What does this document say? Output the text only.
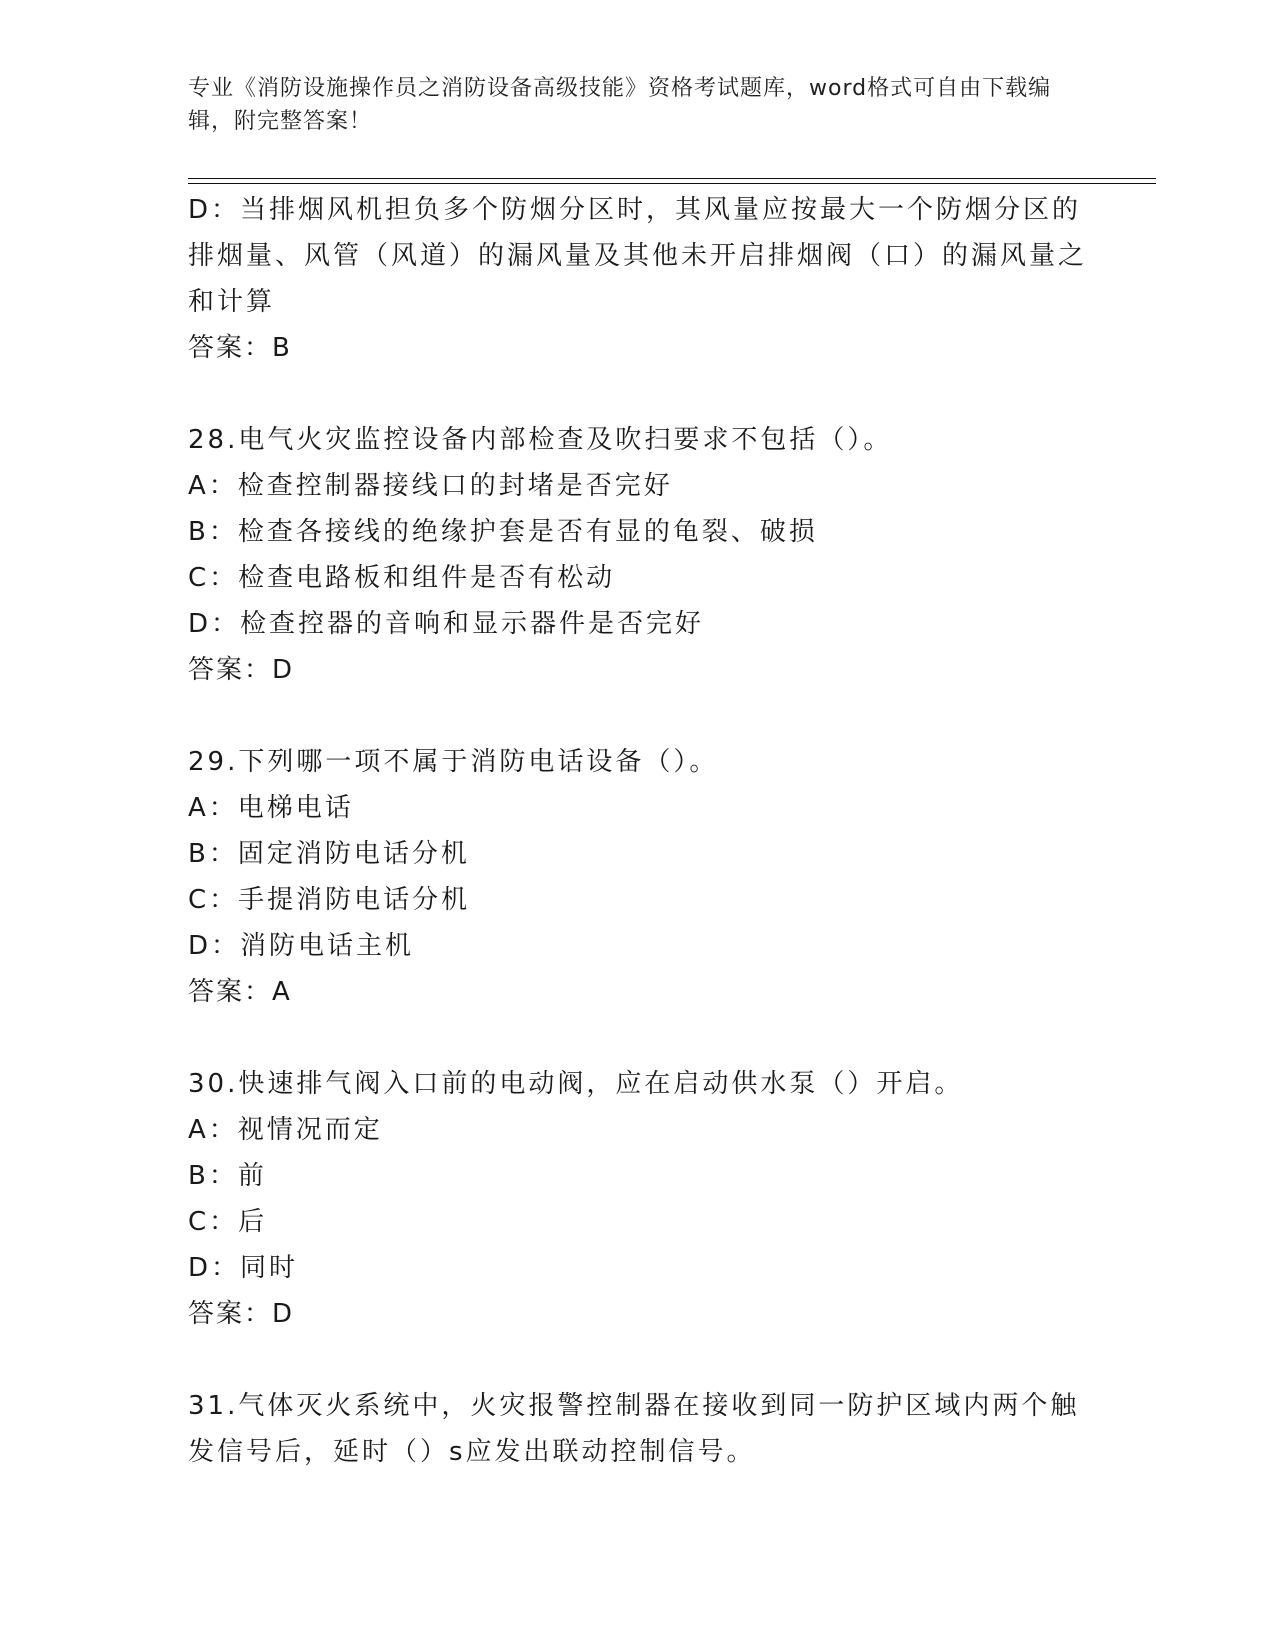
专业《消防设施操作员之消防设备高级技能》资格考试题库，word格式可自由下载编辑，附完整答案！
D：当排烟风机担负多个防烟分区时，其风量应按最大一个防烟分区的排烟量、风管（风道）的漏风量及其他未开启排烟阀（口）的漏风量之和计算
答案：B
28.电气火灾监控设备内部检查及吹扫要求不包括（）。
A：检查控制器接线口的封堵是否完好
B：检查各接线的绝缘护套是否有显的龟裂、破损
C：检查电路板和组件是否有松动
D：检查控器的音响和显示器件是否完好
答案：D
29.下列哪一项不属于消防电话设备（）。
A：电梯电话
B：固定消防电话分机
C：手提消防电话分机
D：消防电话主机
答案：A
30.快速排气阀入口前的电动阀，应在启动供水泵（）开启。
A：视情况而定
B：前
C：后
D：同时
答案：D
31.气体灭火系统中，火灾报警控制器在接收到同一防护区域内两个触发信号后，延时（）s应发出联动控制信号。
